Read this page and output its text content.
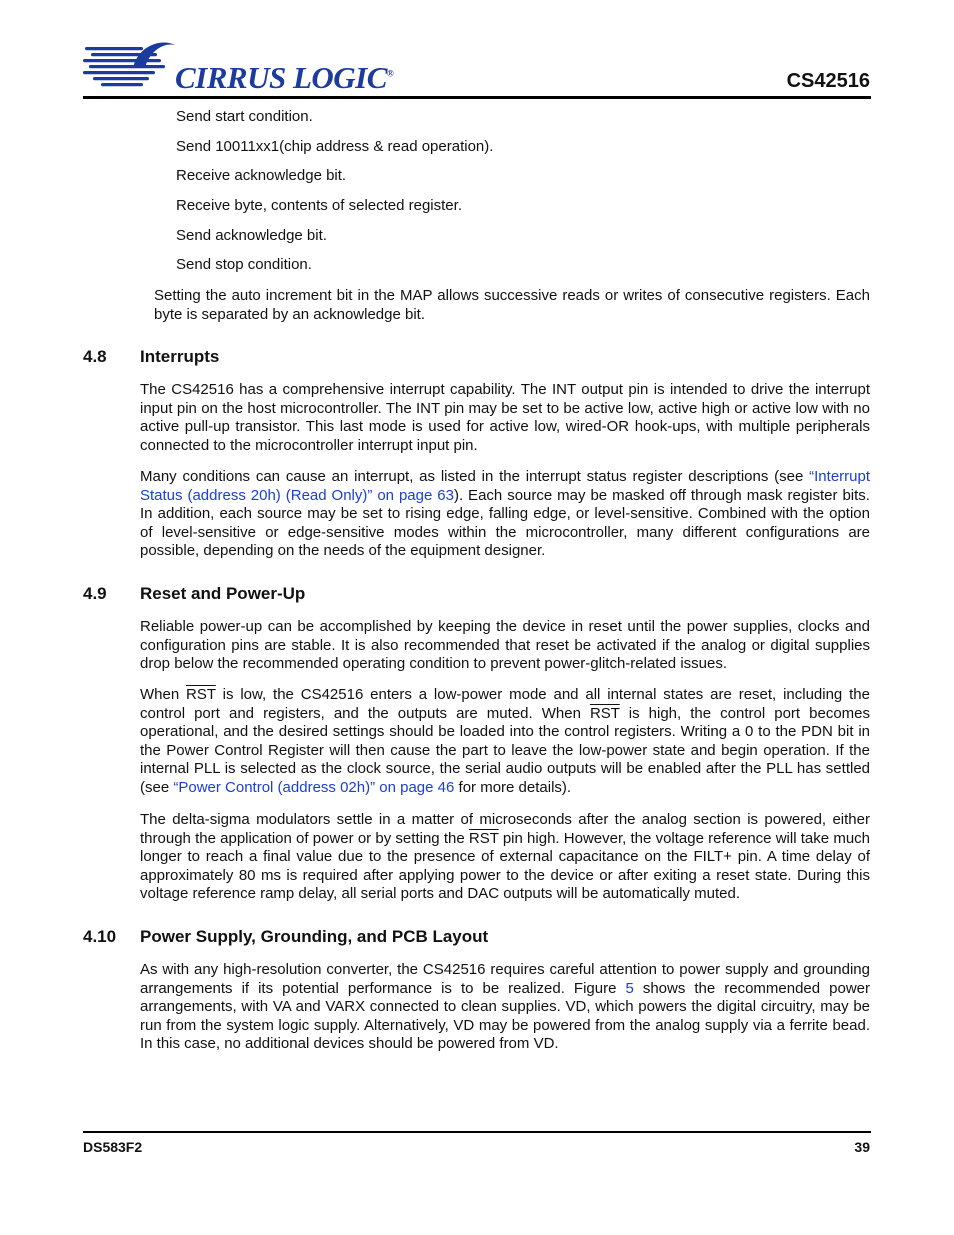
CIRRUS LOGIC®	CS42516
Send start condition.
Send 10011xx1(chip address & read operation).
Receive acknowledge bit.
Receive byte, contents of selected register.
Send acknowledge bit.
Send stop condition.
Setting the auto increment bit in the MAP allows successive reads or writes of consecutive registers. Each byte is separated by an acknowledge bit.
4.8 Interrupts
The CS42516 has a comprehensive interrupt capability. The INT output pin is intended to drive the interrupt input pin on the host microcontroller. The INT pin may be set to be active low, active high or active low with no active pull-up transistor. This last mode is used for active low, wired-OR hook-ups, with multiple peripherals connected to the microcontroller interrupt input pin.
Many conditions can cause an interrupt, as listed in the interrupt status register descriptions (see “Interrupt Status (address 20h) (Read Only)” on page 63). Each source may be masked off through mask register bits. In addition, each source may be set to rising edge, falling edge, or level-sensitive. Combined with the option of level-sensitive or edge-sensitive modes within the microcontroller, many different configurations are possible, depending on the needs of the equipment designer.
4.9 Reset and Power-Up
Reliable power-up can be accomplished by keeping the device in reset until the power supplies, clocks and configuration pins are stable. It is also recommended that reset be activated if the analog or digital supplies drop below the recommended operating condition to prevent power-glitch-related issues.
When $\overline{RST}$ is low, the CS42516 enters a low-power mode and all internal states are reset, including the control port and registers, and the outputs are muted. When $\overline{RST}$ is high, the control port becomes operational, and the desired settings should be loaded into the control registers. Writing a 0 to the PDN bit in the Power Control Register will then cause the part to leave the low-power state and begin operation. If the internal PLL is selected as the clock source, the serial audio outputs will be enabled after the PLL has settled (see “Power Control (address 02h)” on page 46 for more details).
The delta-sigma modulators settle in a matter of microseconds after the analog section is powered, either through the application of power or by setting the $\overline{RST}$ pin high. However, the voltage reference will take much longer to reach a final value due to the presence of external capacitance on the FILT+ pin. A time delay of approximately 80 ms is required after applying power to the device or after exiting a reset state. During this voltage reference ramp delay, all serial ports and DAC outputs will be automatically muted.
4.10 Power Supply, Grounding, and PCB Layout
As with any high-resolution converter, the CS42516 requires careful attention to power supply and grounding arrangements if its potential performance is to be realized. Figure 5 shows the recommended power arrangements, with VA and VARX connected to clean supplies. VD, which powers the digital circuitry, may be run from the system logic supply. Alternatively, VD may be powered from the analog supply via a ferrite bead. In this case, no additional devices should be powered from VD.
DS583F2	39
